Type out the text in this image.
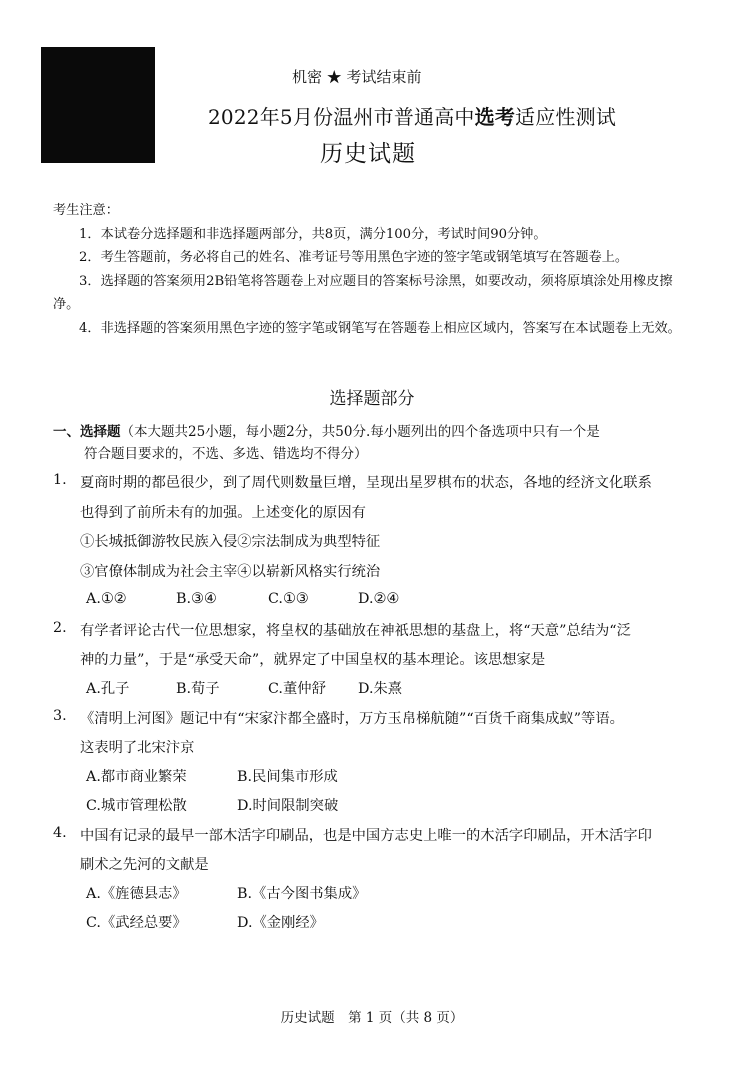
机密 ★ 考试结束前
2022年5月份温州市普通高中选考适应性测试
历史试题
考生注意：
1．本试卷分选择题和非选择题两部分，共8页，满分100分，考试时间90分钟。
2．考生答题前，务必将自己的姓名、准考证号等用黑色字迹的签字笔或钢笔填写在答题卷上。
3．选择题的答案须用2B铅笔将答题卷上对应题目的答案标号涂黑，如要改动，须将原填涂处用橡皮擦净。
4．非选择题的答案须用黑色字迹的签字笔或钢笔写在答题卷上相应区域内，答案写在本试题卷上无效。
选择题部分
一、选择题（本大题共25小题，每小题2分，共50分.每小题列出的四个备选项中只有一个是
符合题目要求的，不选、多选、错选均不得分）
1. 夏商时期的都邑很少，到了周代则数量巨增，呈现出星罗棋布的状态，各地的经济文化联系
也得到了前所未有的加强。上述变化的原因有
①长城抵御游牧民族入侵②宗法制成为典型特征
③官僚体制成为社会主宰④以崭新风格实行统治
A.①②	B.③④	C.①③	D.②④
2. 有学者评论古代一位思想家，将皇权的基础放在神祇思想的基盘上，将“天意”总结为“泛
神的力量”，于是“承受天命”，就界定了中国皇权的基本理论。该思想家是
A.孔子	B.荀子	C.董仲舒 D.朱熹
3. 《清明上河图》题记中有“宋家汴都全盛时，万方玉帛梯航随”“百货千商集成蚁”等语。
这表明了北宋汴京
A.都市商业繁荣	B.民间集市形成
C.城市管理松散	D.时间限制突破
4. 中国有记录的最早一部木活字印刷品，也是中国方志史上唯一的木活字印刷品，开木活字印
刷术之先河的文献是
A.《旌德县志》	B.《古今图书集成》
C.《武经总要》	D.《金刚经》
历史试题　第 1 页（共 8 页）
